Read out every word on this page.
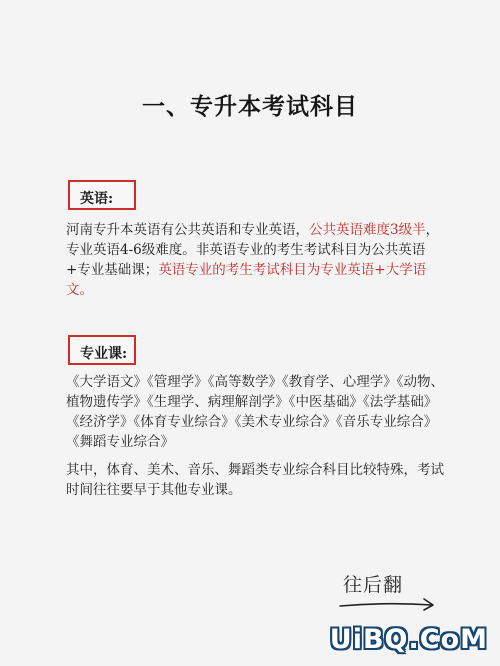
一、专升本考试科目
英语:

河南专升本英语有公共英语和专业英语，公共英语难度3级半，专业英语4-6级难度。非英语专业的考生考试科目为公共英语+专业基础课；英语专业的考生考试科目为专业英语+大学语文。

专业课:

《大学语文》《管理学》《高等数学》《教育学、心理学》《动物、植物遗传学》《生理学、病理解剖学》《中医基础》《法学基础》《经济学》《体育专业综合》《美术专业综合》《音乐专业综合》《舞蹈专业综合》

其中，体育、美术、音乐、舞蹈类专业综合科目比较特殊，考试时间往往要早于其他专业课。

往后翻
UiBQ.CoM
